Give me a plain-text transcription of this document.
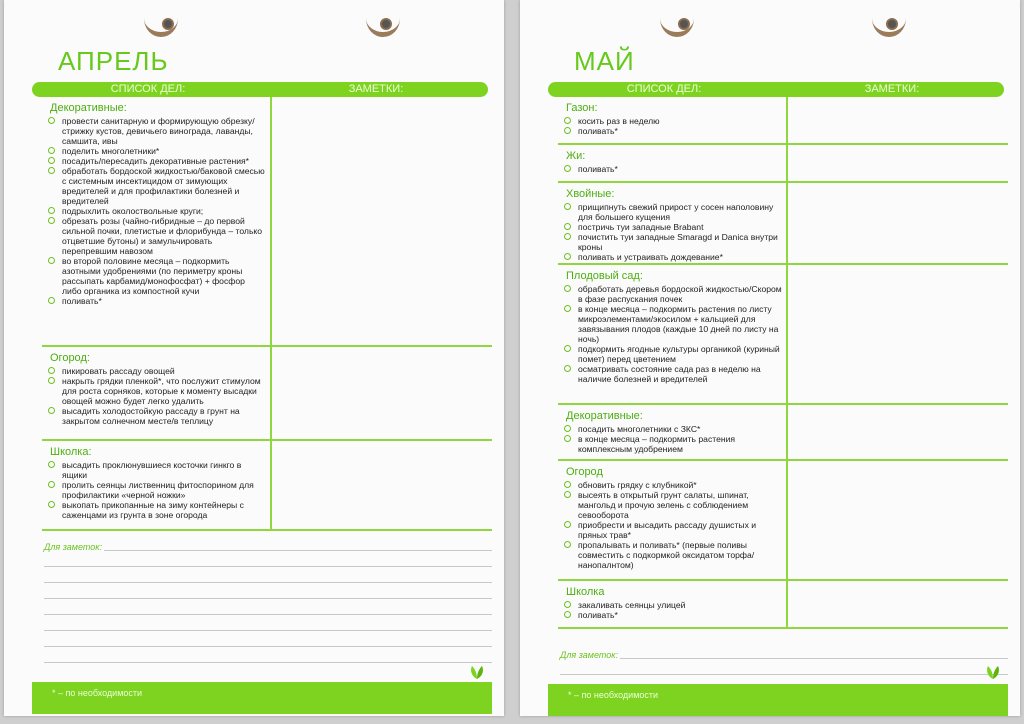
АПРЕЛЬ
СПИСОК ДЕЛ:	ЗАМЕТКИ:
Декоративные:
провести санитарную и формирующую обрезку/стрижку кустов, девичьего винограда, лаванды, самшита, ивы
поделить многолетники*
посадить/пересадить декоративные растения*
обработать бордоской жидкостью/баковой смесью с системным инсектицидом от зимующих вредителей и для профилактики болезней и вредителей
подрыхлить околоствольные круги;
обрезать розы (чайно-гибридные – до первой сильной почки, плетистые и флорибунда – только отцветшие бутоны) и замульчировать перепревшим навозом
во второй половине месяца – подкормить азотными удобрениями (по периметру кроны рассыпать карбамид/монофосфат) + фосфор либо органика из компостной кучи
поливать*
Огород:
пикировать рассаду овощей
накрыть грядки пленкой*, что послужит стимулом для роста сорняков, которые к моменту высадки овощей можно будет легко удалить
высадить холодостойкую рассаду в грунт на закрытом солнечном месте/в теплицу
Школка:
высадить проклюнувшиеся косточки гинкго в ящики
пролить сеянцы лиственниц фитоспорином для профилактики «черной ножки»
выкопать прикопанные на зиму контейнеры с саженцами из грунта в зоне огорода
Для заметок:
* – по необходимости
МАЙ
СПИСОК ДЕЛ:	ЗАМЕТКИ:
Газон:
косить раз в неделю
поливать*
Жи:
поливать*
Хвойные:
прищипнуть свежий прирост у сосен наполовину для большего кущения
постричь туи западные Brabant
почистить туи западные Smaragd и Danica внутри кроны
поливать и устраивать дождевание*
Плодовый сад:
обработать деревья бордоской жидкостью/Скором в фазе распускания почек
в конце месяца – подкормить растения по листу микроэлементами/экосилом + кальцией для завязывания плодов (каждые 10 дней по листу на ночь)
подкормить ягодные культуры органикой (куриный помет) перед цветением
осматривать состояние сада раз в неделю на наличие болезней и вредителей
Декоративные:
посадить многолетники с ЗКС*
в конце месяца – подкормить растения комплексным удобрением
Огород
обновить грядку с клубникой*
высеять в открытый грунт салаты, шпинат, мангольд и прочую зелень с соблюдением севооборота
приобрести и высадить рассаду душистых и пряных трав*
пропалывать и поливать* (первые поливы совместить с подкормкой оксидатом торфа/нанопалнтом)
Школка
закаливать сеянцы улицей
поливать*
Для заметок:
* – по необходимости
